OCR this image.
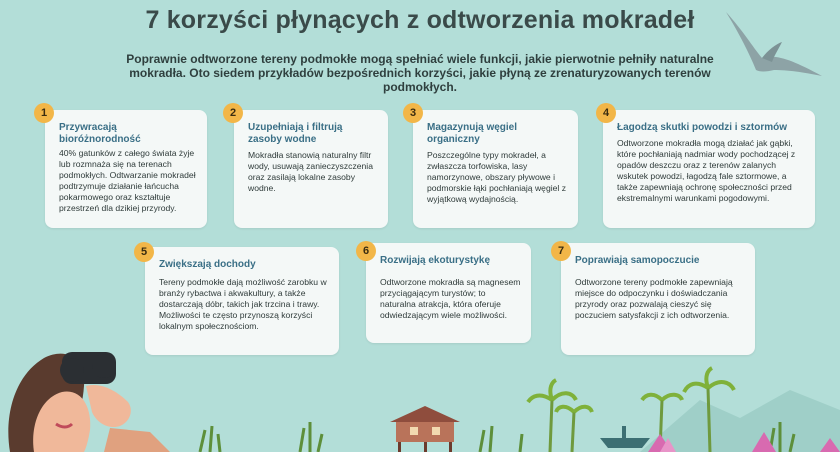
7 korzyści płynących z odtworzenia mokradeł
Poprawnie odtworzone tereny podmokłe mogą spełniać wiele funkcji, jakie pierwotnie pełniły naturalne mokradła. Oto siedem przykładów bezpośrednich korzyści, jakie płyną ze zrenaturyzowanych terenów podmokłych.
Przywracają bioróżnorodność
40% gatunków z całego świata żyje lub rozmnaża się na terenach podmokłych. Odtwarzanie mokradeł podtrzymuje działanie łańcucha pokarmowego oraz kształtuje przestrzeń dla dzikiej przyrody.
1
Uzupełniają i filtrują zasoby wodne
Mokradła stanowią naturalny filtr wody, usuwają zanieczyszczenia oraz zasilają lokalne zasoby wodne.
2
Magazynują węgiel organiczny
Poszczególne typy mokradeł, a zwłaszcza torfowiska, lasy namorzynowe, obszary pływowe i podmorskie łąki pochłaniają węgiel z wyjątkową wydajnością.
3
Łagodzą skutki powodzi i sztormów
Odtworzone mokradła mogą działać jak gąbki, które pochłaniają nadmiar wody pochodzącej z opadów deszczu oraz z terenów zalanych wskutek powodzi, łagodzą fale sztormowe, a także zapewniają ochronę społeczności przed ekstremalnymi warunkami pogodowymi.
4
Zwiększają dochody
Tereny podmokłe dają możliwość zarobku w branży rybactwa i akwakultury, a także dostarczają dóbr, takich jak trzcina i trawy. Możliwości te często przynoszą korzyści lokalnym społecznościom.
5
Rozwijają ekoturystykę
Odtworzone mokradła są magnesem przyciągającym turystów; to naturalna atrakcja, która oferuje odwiedzającym wiele możliwości.
6
Poprawiają samopoczucie
Odtworzone tereny podmokłe zapewniają miejsce do odpoczynku i doświadczania przyrody oraz pozwalają cieszyć się poczuciem satysfakcji z ich odtworzenia.
7
